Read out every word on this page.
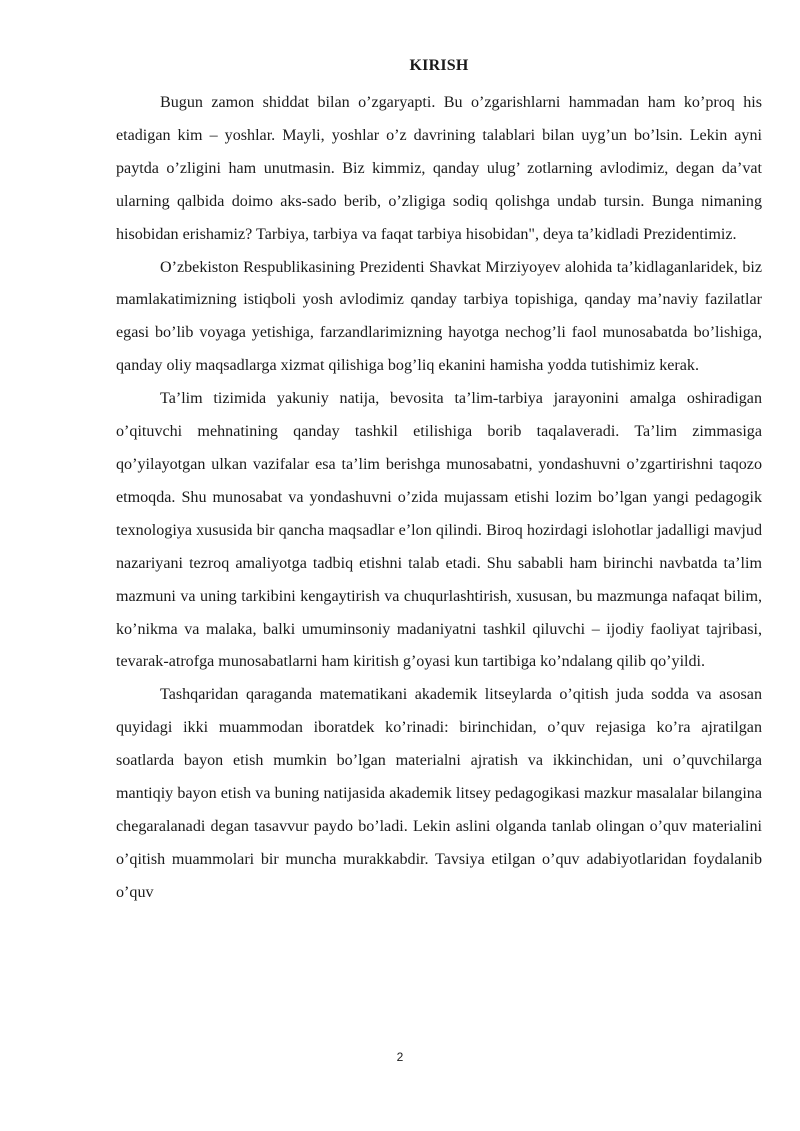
KIRISH

Bugun zamon shiddat bilan o’zgaryapti. Bu o’zgarishlarni hammadan ham ko’proq his etadigan kim – yoshlar. Mayli, yoshlar o’z davrining talablari bilan uyg’un bo’lsin. Lekin ayni paytda o’zligini ham unutmasin. Biz kimmiz, qanday ulug’ zotlarning avlodimiz, degan da’vat ularning qalbida doimo aks-sado berib, o’zligiga sodiq qolishga undab tursin. Bunga nimaning hisobidan erishamiz? Tarbiya, tarbiya va faqat tarbiya hisobidan", deya ta’kidladi Prezidentimiz.

O’zbekiston Respublikasining Prezidenti Shavkat Mirziyoyev alohida ta’kidlaganlaridek, biz mamlakatimizning istiqboli yosh avlodimiz qanday tarbiya topishiga, qanday ma’naviy fazilatlar egasi bo’lib voyaga yetishiga, farzandlarimizning hayotga nechog’li faol munosabatda bo’lishiga, qanday oliy maqsadlarga xizmat qilishiga bog’liq ekanini hamisha yodda tutishimiz kerak.

Ta’lim tizimida yakuniy natija, bevosita ta’lim-tarbiya jarayonini amalga oshiradigan o’qituvchi mehnatining qanday tashkil etilishiga borib taqalaveradi. Ta’lim zimmasiga qo’yilayotgan ulkan vazifalar esa ta’lim berishga munosabatni, yondashuvni o’zgartirishni taqozo etmoqda. Shu munosabat va yondashuvni o’zida mujassam etishi lozim bo’lgan yangi pedagogik texnologiya xususida bir qancha maqsadlar e’lon qilindi. Biroq hozirdagi islohotlar jadalligi mavjud nazariyani tezroq amaliyotga tadbiq etishni talab etadi. Shu sababli ham birinchi navbatda ta’lim mazmuni va uning tarkibini kengaytirish va chuqurlashtirish, xususan, bu mazmunga nafaqat bilim, ko’nikma va malaka, balki umuminsoniy madaniyatni tashkil qiluvchi – ijodiy faoliyat tajribasi, tevarak-atrofga munosabatlarni ham kiritish g’oyasi kun tartibiga ko’ndalang qilib qo’yildi.

Tashqaridan qaraganda matematikani akademik litseylarda o’qitish juda sodda va asosan quyidagi ikki muammodan iboratdek ko’rinadi: birinchidan, o’quv rejasiga ko’ra ajratilgan soatlarda bayon etish mumkin bo’lgan materialni ajratish va ikkinchidan, uni o’quvchilarga mantiqiy bayon etish va buning natijasida akademik litsey pedagogikasi mazkur masalalar bilangina chegaralanadi degan tasavvur paydo bo’ladi. Lekin aslini olganda tanlab olingan o’quv materialini o’qitish muammolari bir muncha murakkabdir. Tavsiya etilgan o’quv adabiyotlaridan foydalanib o’quv

2
